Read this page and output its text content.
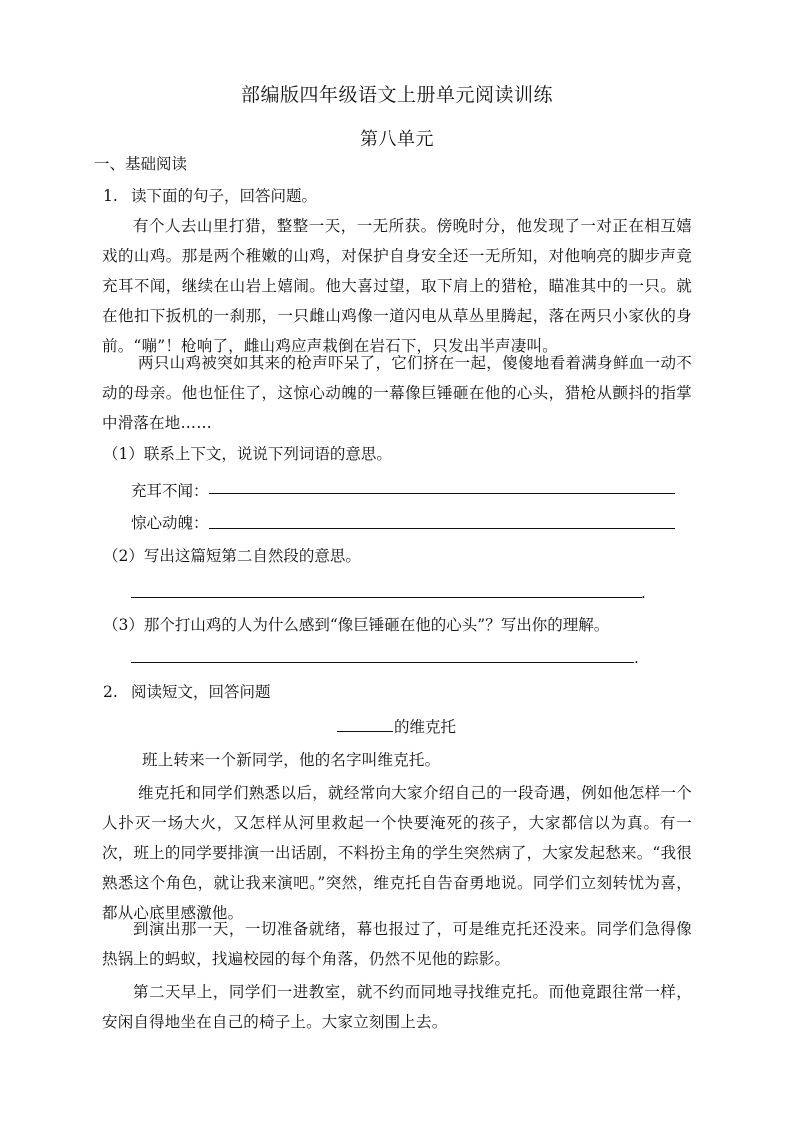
部编版四年级语文上册单元阅读训练
第八单元
一、基础阅读
1. 读下面的句子，回答问题。
有个人去山里打猎，整整一天，一无所获。傍晚时分，他发现了一对正在相互嬉戏的山鸡。那是两个稚嫩的山鸡，对保护自身安全还一无所知，对他响亮的脚步声竟充耳不闻，继续在山岩上嬉闹。他大喜过望，取下肩上的猎枪，瞄准其中的一只。就在他扣下扳机的一刹那，一只雌山鸡像一道闪电从草丛里腾起，落在两只小家伙的身前。“嘣”！枪响了，雌山鸡应声栽倒在岩石下，只发出半声凄叫。
两只山鸡被突如其来的枪声吓呆了，它们挤在一起，傻傻地看着满身鲜血一动不动的母亲。他也怔住了，这惊心动魄的一幕像巨锤砸在他的心头，猎枪从颤抖的指掌中滑落在地……
（1）联系上下文，说说下列词语的意思。
充耳不闻：
惊心动魄：
（2）写出这篇短第二自然段的意思。
.
（3）那个打山鸡的人为什么感到“像巨锤砸在他的心头”？写出你的理解。
.
2. 阅读短文，回答问题
的维克托
班上转来一个新同学，他的名字叫维克托。
维克托和同学们熟悉以后，就经常向大家介绍自己的一段奇遇，例如他怎样一个人扑灭一场大火，又怎样从河里救起一个快要淹死的孩子，大家都信以为真。有一次，班上的同学要排演一出话剧，不料扮主角的学生突然病了，大家发起愁来。“我很熟悉这个角色，就让我来演吧。”突然，维克托自告奋勇地说。同学们立刻转忧为喜，都从心底里感激他。
到演出那一天，一切准备就绪，幕也报过了，可是维克托还没来。同学们急得像热锅上的蚂蚁，找遍校园的每个角落，仍然不见他的踪影。
第二天早上，同学们一进教室，就不约而同地寻找维克托。而他竟跟往常一样，安闲自得地坐在自己的椅子上。大家立刻围上去。
